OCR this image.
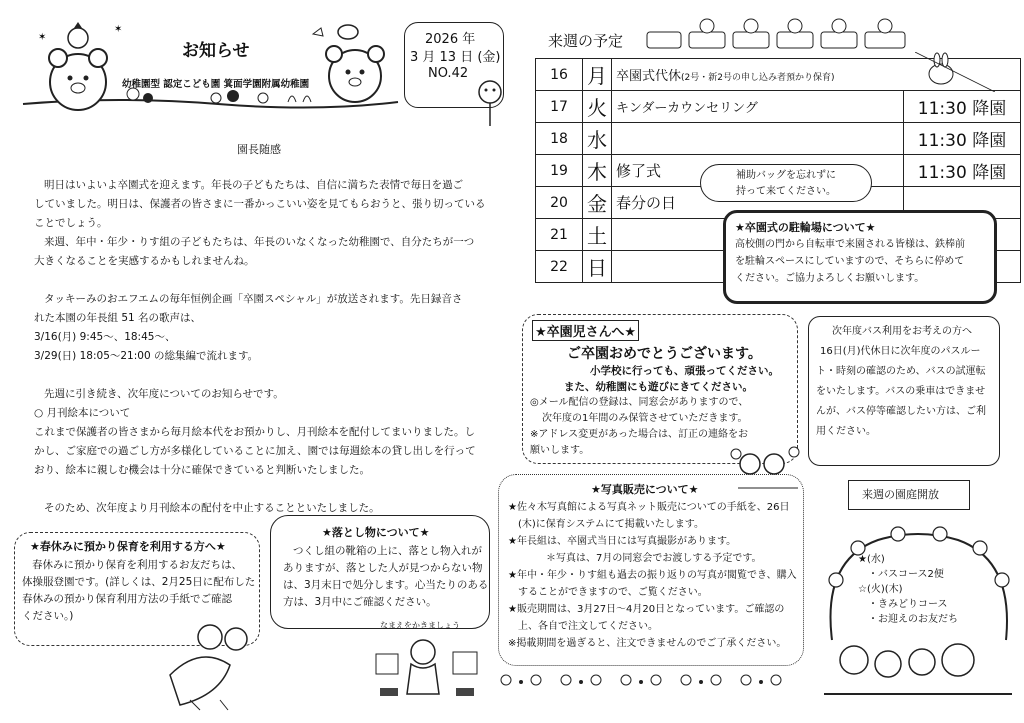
✶
✶
お知らせ
幼稚園型 認定こども園 箕面学園附属幼稚園
2026 年
3 月 13 日 (金)
NO.42
園長随感
明日はいよいよ卒園式を迎えます。年長の子どもたちは、自信に満ちた表情で毎日を過ご
していました。明日は、保護者の皆さまに一番かっこいい姿を見てもらおうと、張り切っている
ことでしょう。
来週、年中・年少・りす組の子どもたちは、年長のいなくなった幼稚園で、自分たちが一つ
大きくなることを実感するかもしれませんね。
タッキーみのおエフエムの毎年恒例企画「卒園スペシャル」が放送されます。先日録音さ
れた本園の年長組 51 名の歌声は、
3/16(月) 9:45～、18:45～、
3/29(日) 18:05～21:00 の総集編で流れます。
先週に引き続き、次年度についてのお知らせです。
○ 月刊絵本について
これまで保護者の皆さまから毎月絵本代をお預かりし、月刊絵本を配付してまいりました。し
かし、ご家庭での過ごし方が多様化していることに加え、園では毎週絵本の貸し出しを行って
おり、絵本に親しむ機会は十分に確保できていると判断いたしました。
そのため、次年度より月刊絵本の配付を中止することといたしました。
★春休みに預かり保育を利用する方へ★
春休みに預かり保育を利用するお友だちは、
体操服登園です。(詳しくは、2月25日に配布した
春休みの預かり保育利用方法の手紙でご確認
ください。)
★落とし物について★
つくし組の靴箱の上に、落とし物入れが
ありますが、落とした人が見つからない物
は、3月末日で処分します。心当たりのある
方は、3月中にご確認ください。
なまえをかきましょう
来週の予定
16	月	卒園式代休(2号・新2号の申し込み者預かり保育)	
17	火	キンダーカウンセリング	11:30 降園
18	水		11:30 降園
19	木	修了式	11:30 降園
20	金	春分の日	
21	土		
22	日		
補助バッグを忘れずに
持って来てください。
★卒園式の駐輪場について★
高校側の門から自転車で来園される皆様は、鉄棒前
を駐輪スペースにしていますので、そちらに停めて
ください。ご協力よろしくお願いします。
★卒園児さんへ★
ご卒園おめでとうございます。
小学校に行っても、頑張ってください。
また、幼稚園にも遊びにきてください。
◎メール配信の登録は、同窓会がありますので、
次年度の1年間のみ保管させていただきます。
※アドレス変更があった場合は、訂正の連絡をお
願いします。
次年度バス利用をお考えの方へ
16日(月)代休日に次年度のパスルー
ト・時刻の確認のため、バスの試運転
をいたします。バスの乗車はできませ
んが、バス停等確認したい方は、ご利
用ください。
★写真販売について★
★佐々木写真館による写真ネット販売についての手紙を、26日
(木)に保育システムにて掲載いたします。
★年長組は、卒園式当日には写真撮影があります。
＊写真は、7月の同窓会でお渡しする予定です。
★年中・年少・りす組も過去の振り返りの写真が閲覧でき、購入
することができますので、ご覧ください。
★販売期間は、3月27日～4月20日となっています。ご確認の
上、各自で注文してください。
※掲載期間を過ぎると、注文できませんのでご了承ください。
来週の園庭開放
★(水)
・バスコース2便
☆(火)(木)
・きみどりコース
・お迎えのお友だち
